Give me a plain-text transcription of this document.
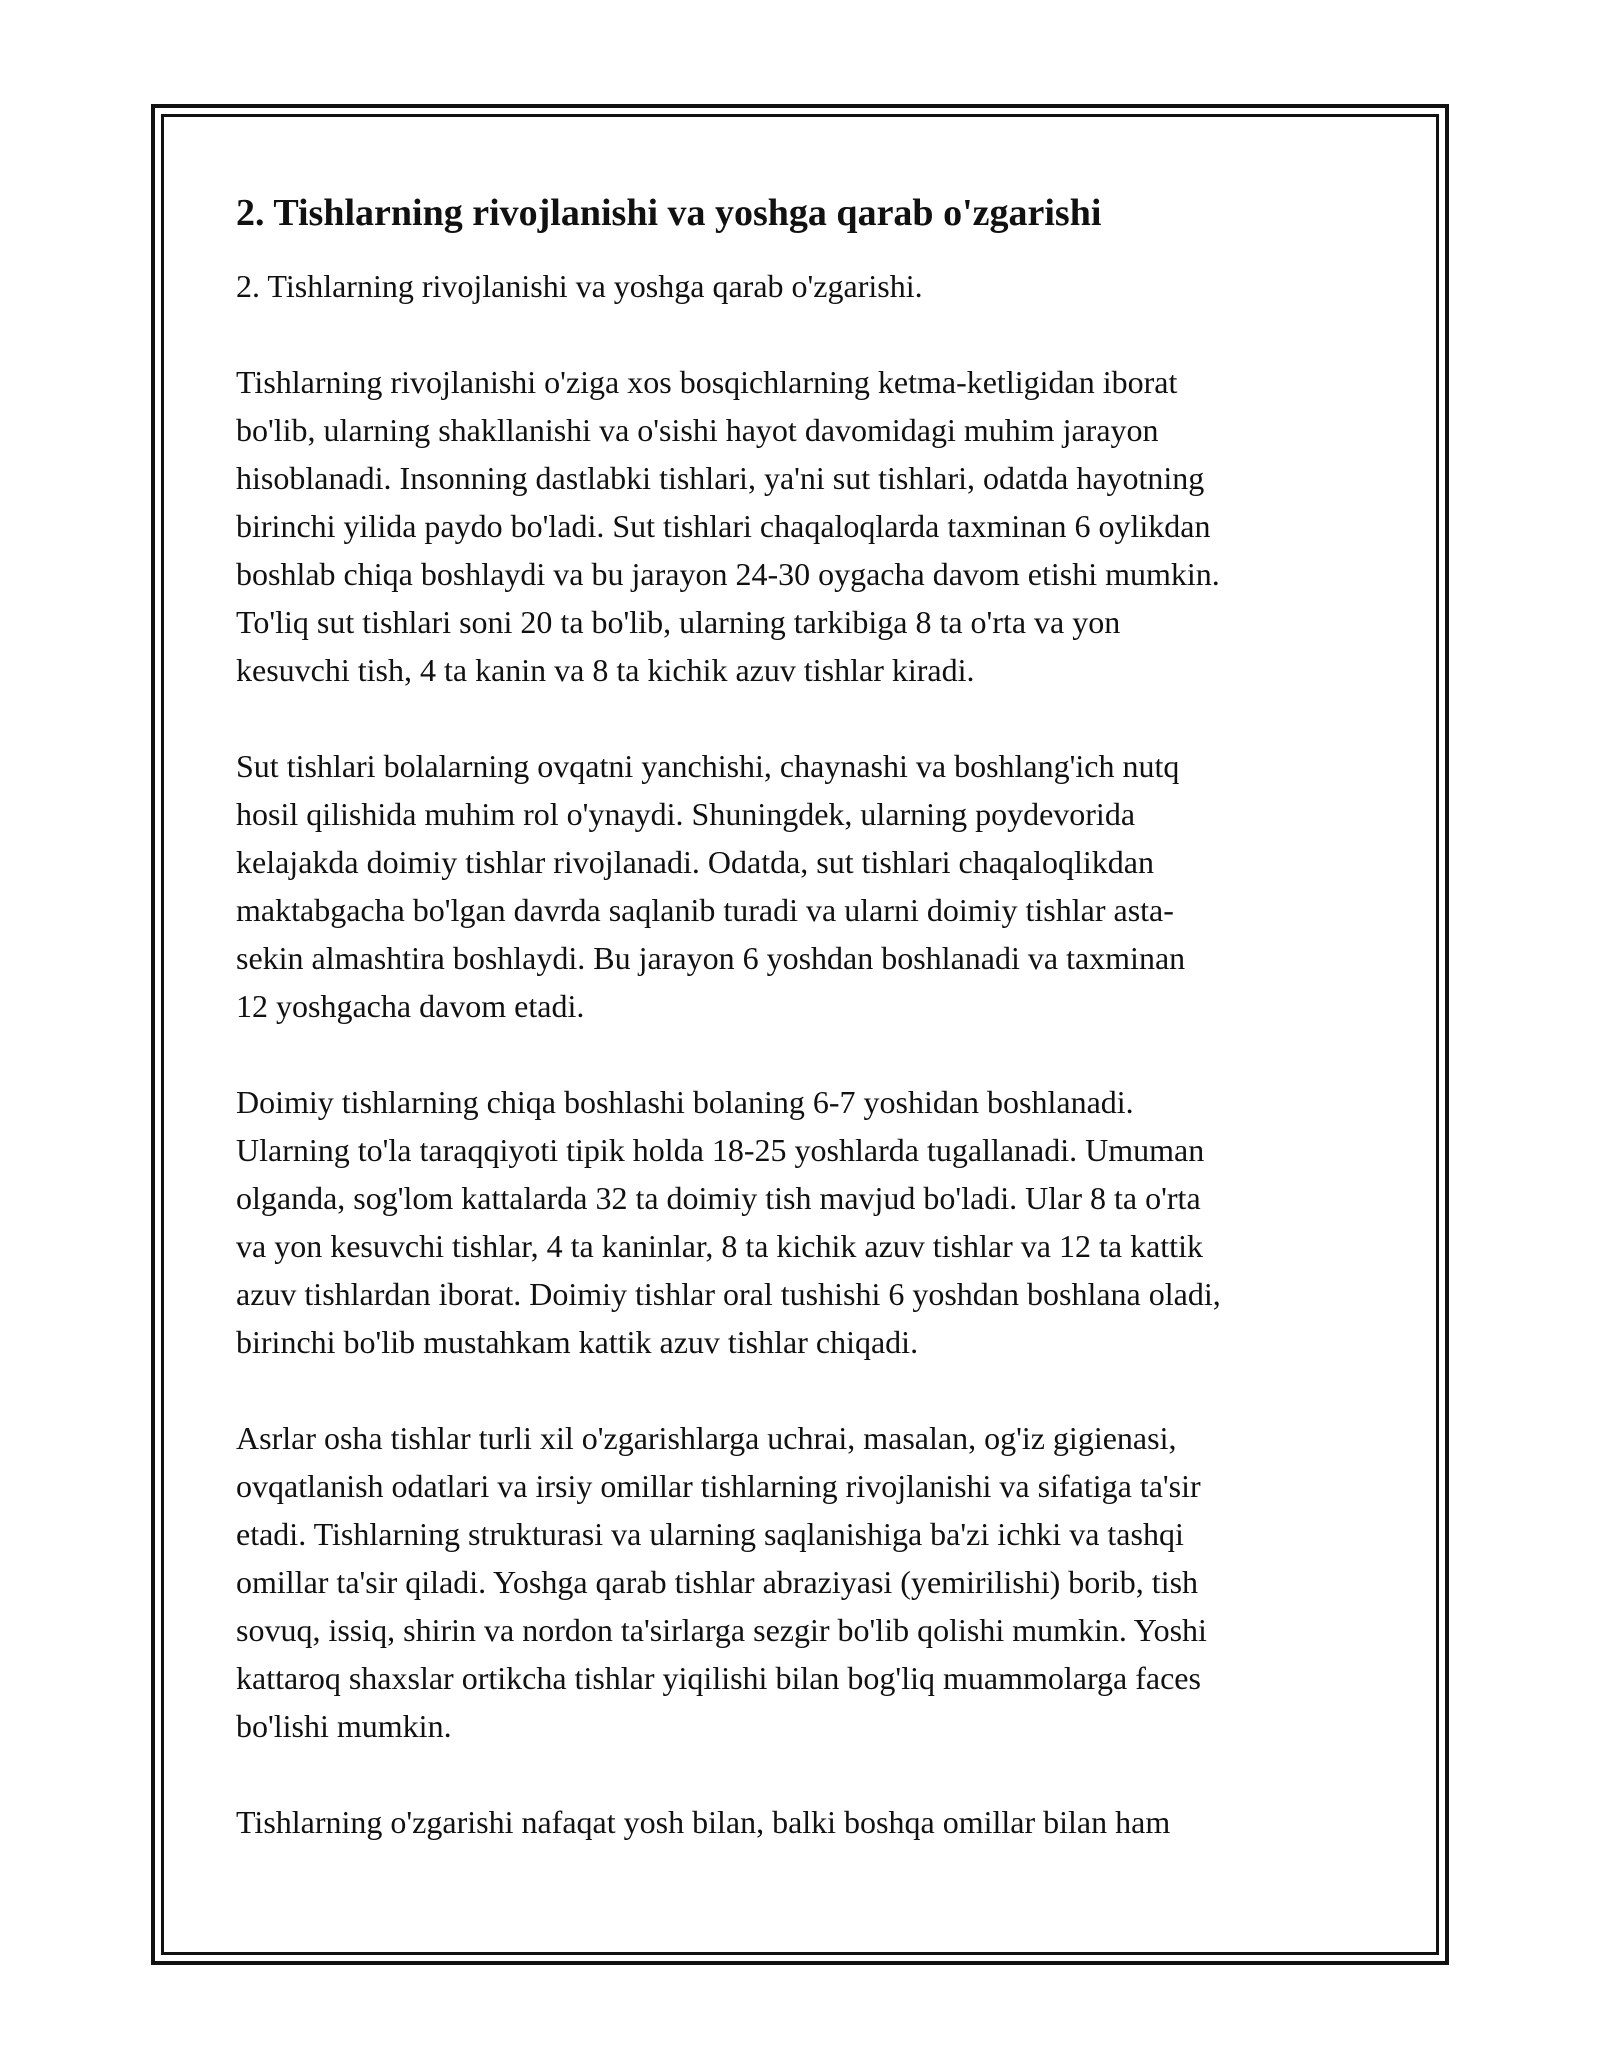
2. Tishlarning rivojlanishi va yoshga qarab o'zgarishi

2. Tishlarning rivojlanishi va yoshga qarab o'zgarishi.

Tishlarning rivojlanishi o'ziga xos bosqichlarning ketma-ketligidan iborat
bo'lib, ularning shakllanishi va o'sishi hayot davomidagi muhim jarayon
hisoblanadi. Insonning dastlabki tishlari, ya'ni sut tishlari, odatda hayotning
birinchi yilida paydo bo'ladi. Sut tishlari chaqaloqlarda taxminan 6 oylikdan
boshlab chiqa boshlaydi va bu jarayon 24-30 oygacha davom etishi mumkin.
To'liq sut tishlari soni 20 ta bo'lib, ularning tarkibiga 8 ta o'rta va yon
kesuvchi tish, 4 ta kanin va 8 ta kichik azuv tishlar kiradi.

Sut tishlari bolalarning ovqatni yanchishi, chaynashi va boshlang'ich nutq
hosil qilishida muhim rol o'ynaydi. Shuningdek, ularning poydevorida
kelajakda doimiy tishlar rivojlanadi. Odatda, sut tishlari chaqaloqlikdan
maktabgacha bo'lgan davrda saqlanib turadi va ularni doimiy tishlar asta-
sekin almashtira boshlaydi. Bu jarayon 6 yoshdan boshlanadi va taxminan
12 yoshgacha davom etadi.

Doimiy tishlarning chiqa boshlashi bolaning 6-7 yoshidan boshlanadi.
Ularning to'la taraqqiyoti tipik holda 18-25 yoshlarda tugallanadi. Umuman
olganda, sog'lom kattalarda 32 ta doimiy tish mavjud bo'ladi. Ular 8 ta o'rta
va yon kesuvchi tishlar, 4 ta kaninlar, 8 ta kichik azuv tishlar va 12 ta kattik
azuv tishlardan iborat. Doimiy tishlar oral tushishi 6 yoshdan boshlana oladi,
birinchi bo'lib mustahkam kattik azuv tishlar chiqadi.

Asrlar osha tishlar turli xil o'zgarishlarga uchrai, masalan, og'iz gigienasi,
ovqatlanish odatlari va irsiy omillar tishlarning rivojlanishi va sifatiga ta'sir
etadi. Tishlarning strukturasi va ularning saqlanishiga ba'zi ichki va tashqi
omillar ta'sir qiladi. Yoshga qarab tishlar abraziyasi (yemirilishi) borib, tish
sovuq, issiq, shirin va nordon ta'sirlarga sezgir bo'lib qolishi mumkin. Yoshi
kattaroq shaxslar ortikcha tishlar yiqilishi bilan bog'liq muammolarga faces
bo'lishi mumkin.

Tishlarning o'zgarishi nafaqat yosh bilan, balki boshqa omillar bilan ham
